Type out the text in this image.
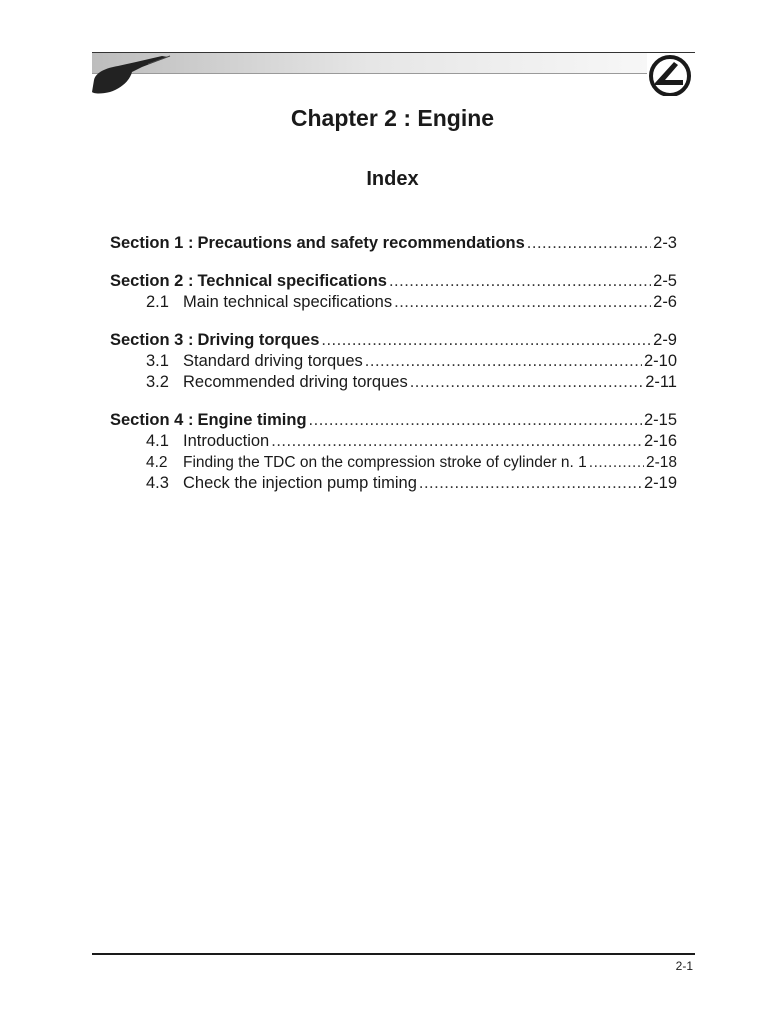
Chapter 2 : Engine
Index
Section 1 : Precautions and safety recommendations .....	2-3
Section 2 : Technical specifications .....	2-5
2.1 Main technical specifications .....	2-6
Section 3 : Driving torques .....	2-9
3.1 Standard driving torques .....	2-10
3.2 Recommended driving torques .....	2-11
Section 4 : Engine timing .....	2-15
4.1 Introduction .....	2-16
4.2 Finding the TDC on the compression stroke of cylinder n. 1 .....	2-18
4.3 Check the injection pump timing .....	2-19
2-1
